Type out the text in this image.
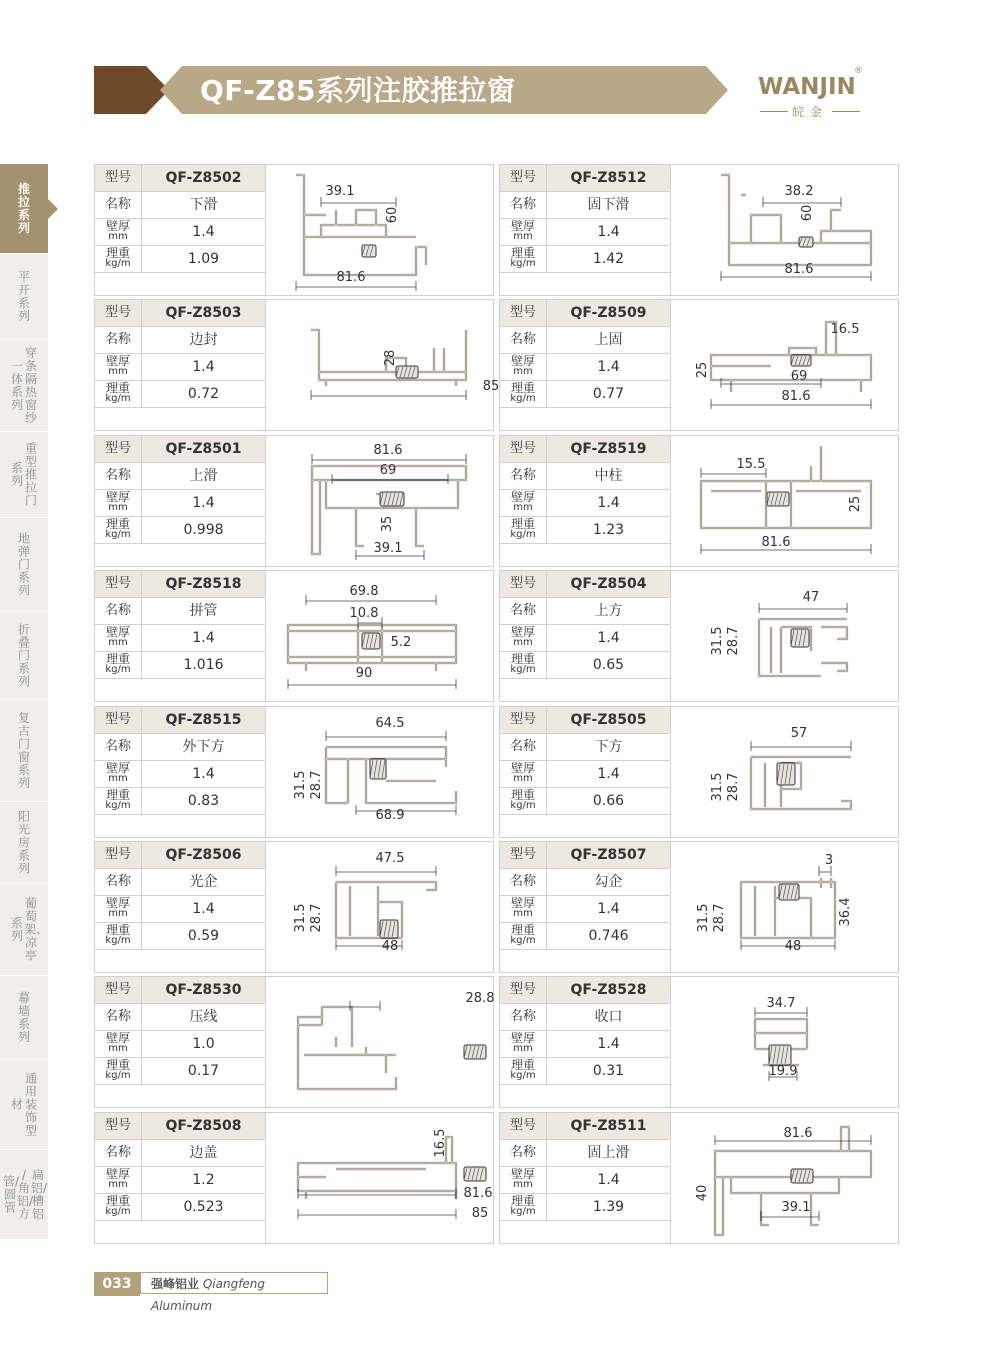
QF-Z85系列注胶推拉窗	WANJIN
®
皖金
推拉系列
平开系列
穿条隔热窗纱
一体系列
重型推拉门
系列
地弹门系列
折叠门系列
复古门窗系列
阳光房系列
葡萄架、凉亭
系列
幕墙系列
通用装饰型
材
扁铝/槽铝
/角铝/方
管/圆管
型号	QF-Z8502
名称	下滑
壁厚
mm	1.4
理重
kg/m	1.09
39.1
60
81.6
型号	QF-Z8512
名称	固下滑
壁厚
mm	1.4
理重
kg/m	1.42
38.2
60
81.6
型号	QF-Z8503
名称	边封
壁厚
mm	1.4
理重
kg/m	0.72
28
85
型号	QF-Z8509
名称	上固
壁厚
mm	1.4
理重
kg/m	0.77
16.5
25	69
81.6
型号	QF-Z8501
名称	上滑
壁厚
mm	1.4
理重
kg/m	0.998
81.6
69
35
39.1
型号	QF-Z8519
名称	中柱
壁厚
mm	1.4
理重
kg/m	1.23
15.5
25
81.6
型号	QF-Z8518
名称	拼管
壁厚
mm	1.4
理重
kg/m	1.016
69.8
10.8
5.2
90
型号	QF-Z8504
名称	上方
壁厚
mm	1.4
理重
kg/m	0.65
47
31.5 28.7
型号	QF-Z8515
名称	外下方
壁厚
mm	1.4
理重
kg/m	0.83
64.5
31.5 28.7
68.9
型号	QF-Z8505
名称	下方
壁厚
mm	1.4
理重
kg/m	0.66
57
31.5 28.7
型号	QF-Z8506
名称	光企
壁厚
mm	1.4
理重
kg/m	0.59
47.5
31.5 28.7
48
型号	QF-Z8507
名称	勾企
壁厚
mm	1.4
理重
kg/m	0.746
3
31.5 28.7	36.4
48
型号	QF-Z8530
名称	压线
壁厚
mm	1.0
理重
kg/m	0.17
28.8
型号	QF-Z8528
名称	收口
壁厚
mm	1.4
理重
kg/m	0.31
34.7
19.9
型号	QF-Z8508
名称	边盖
壁厚
mm	1.2
理重
kg/m	0.523
16.5
81.6
85
型号	QF-Z8511
名称	固上滑
壁厚
mm	1.4
理重
kg/m	1.39
81.6
40
39.1
033	强峰铝业 Qiangfeng Aluminum
